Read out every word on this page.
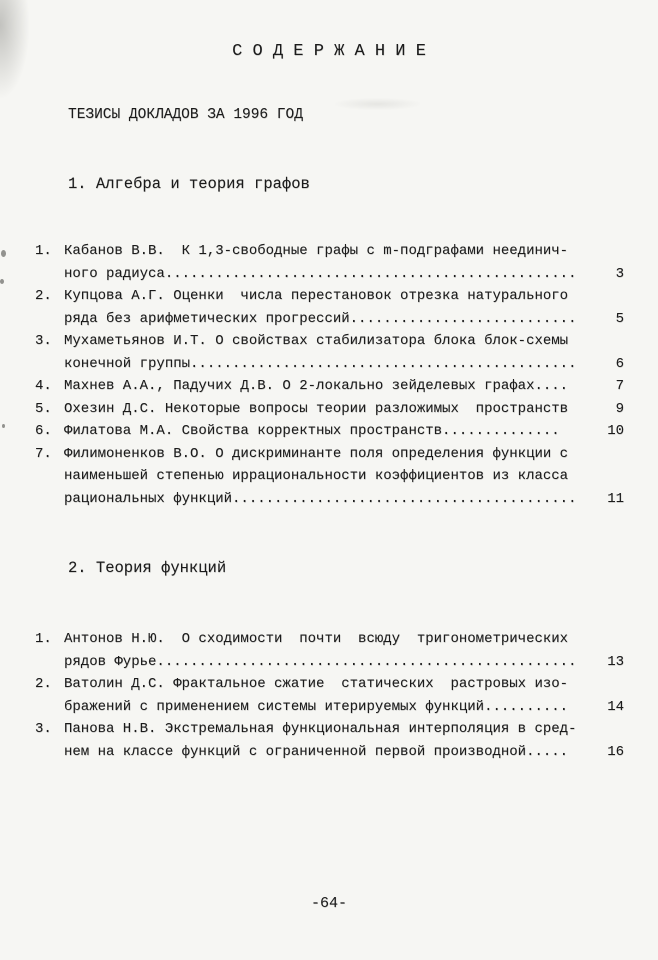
С О Д Е Р Ж А Н И Е
ТЕЗИСЫ ДОКЛАДОВ ЗА 1996 ГОД
1. Алгебра и теория графов
1. Кабанов В.В.  К 1,3-свободные графы с m-подграфами неединич-
ного радиуса.................................................	3
2. Купцова А.Г. Оценки  числа перестановок отрезка натурального
ряда без арифметических прогрессий...........................	5
3. Мухаметьянов И.Т. О свойствах стабилизатора блока блок-схемы
конечной группы..............................................	6
4. Махнев А.А., Падучих Д.В. О 2-локально зейделевых графах....	7
5. Охезин Д.С. Некоторые вопросы теории разложимых  пространств	9
6. Филатова М.А. Свойства корректных пространств..............	10
7. Филимоненков В.О. О дискриминанте поля определения функции с
наименьшей степенью иррациональности коэффициентов из класса
рациональных функций.........................................	11
2. Теория функций
1. Антонов Н.Ю.  О сходимости  почти  всюду  тригонометрических
рядов Фурье..................................................	13
2. Ватолин Д.С. Фрактальное сжатие  статических  растровых изо-
бражений с применением системы итерируемых функций..........	14
3. Панова Н.В. Экстремальная функциональная интерполяция в сред-
нем на классе функций с ограниченной первой производной.....	16
-64-
